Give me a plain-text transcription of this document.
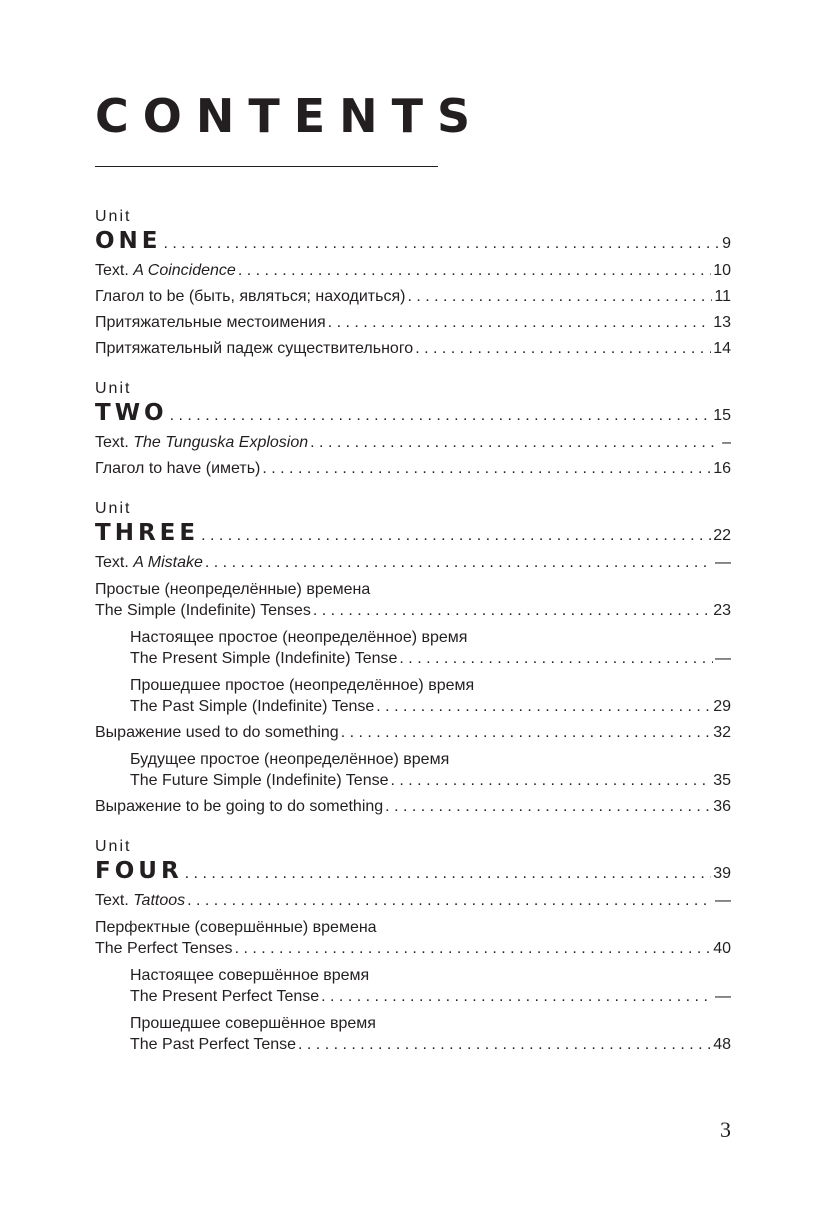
CONTENTS
Unit
ONE . . .	9
Text. A Coincidence . . .	10
Глагол to be (быть, являться; находиться) . . .	11
Притяжательные местоимения . . .	13
Притяжательный падеж существительного . . .	14
Unit
TWO . . .	15
Text. The Tunguska Explosion . . .	–
Глагол to have (иметь) . . .	16
Unit
THREE . . .	22
Text. A Mistake . . .	—
Простые (неопределённые) времена
The Simple (Indefinite) Tenses . . .	23
Настоящее простое (неопределённое) время
The Present Simple (Indefinite) Tense . . .	—
Прошедшее простое (неопределённое) время
The Past Simple (Indefinite) Tense . . .	29
Выражение used to do something . . .	32
Будущее простое (неопределённое) время
The Future Simple (Indefinite) Tense . . .	35
Выражение to be going to do something . . .	36
Unit
FOUR . . .	39
Text. Tattoos . . .	—
Перфектные (совершённые) времена
The Perfect Tenses . . .	40
Настоящее совершённое время
The Present Perfect Tense . . .	—
Прошедшее совершённое время
The Past Perfect Tense . . .	48
3
